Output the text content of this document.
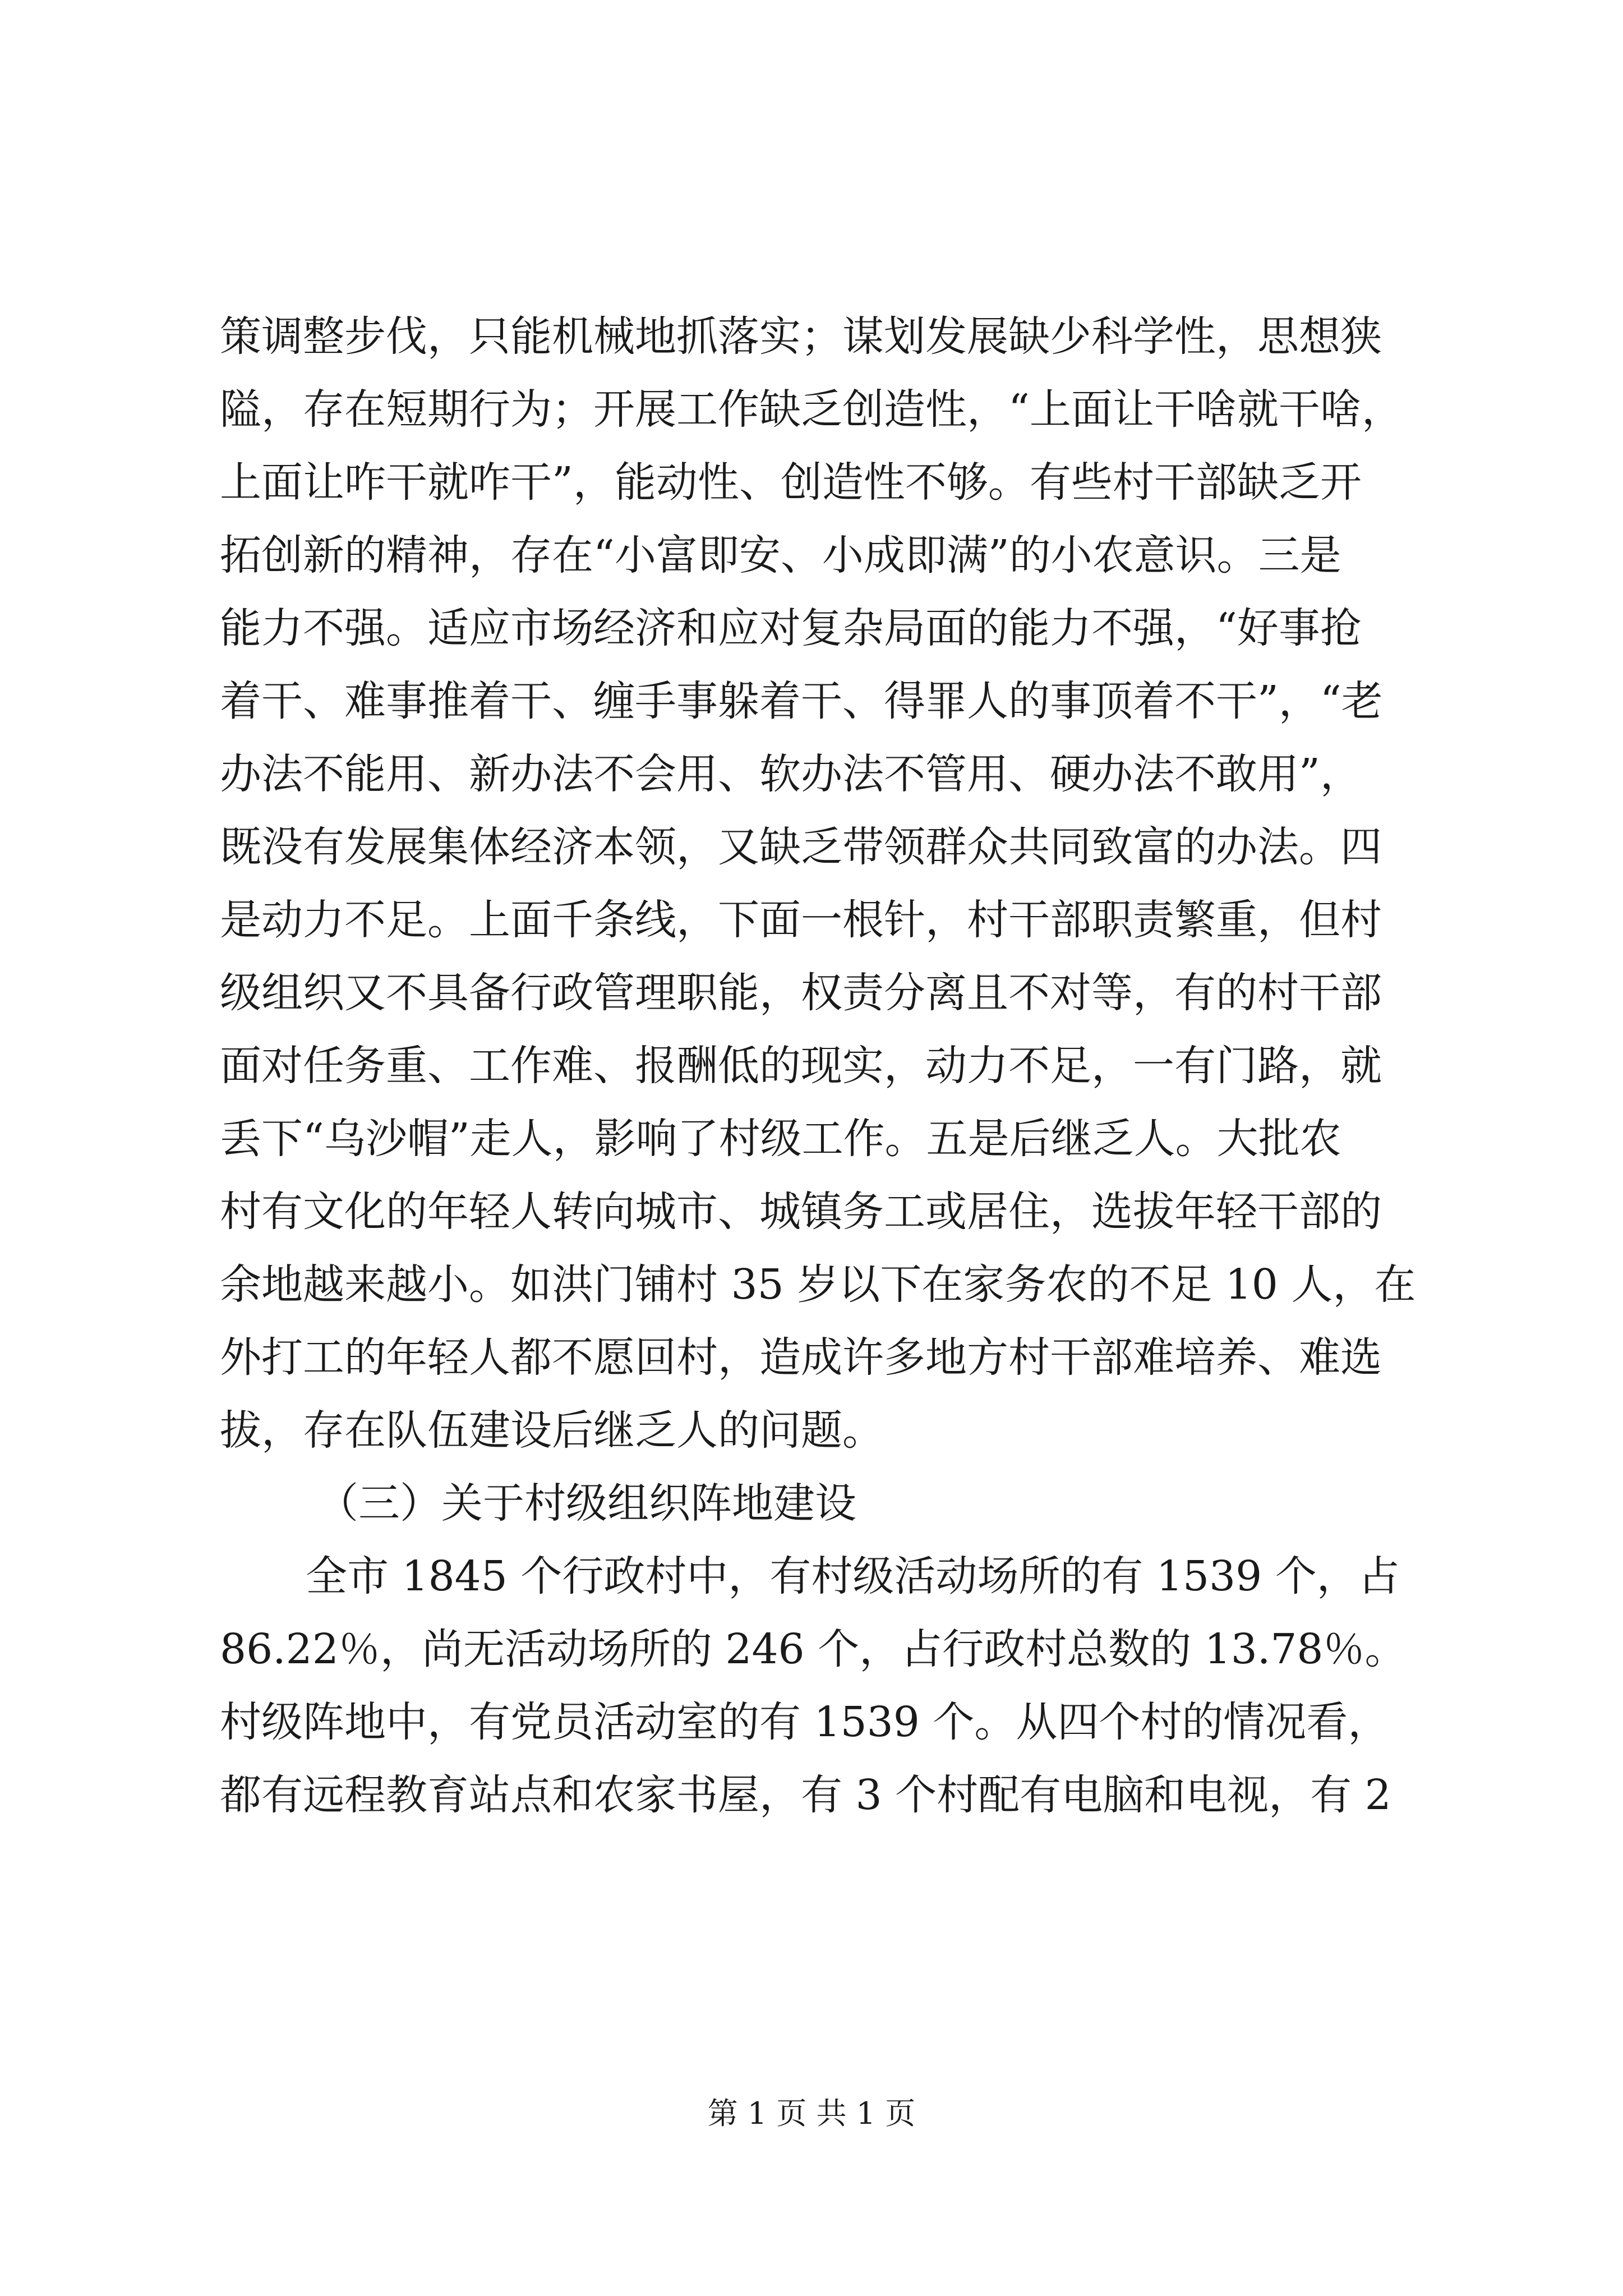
策调整步伐，只能机械地抓落实；谋划发展缺少科学性，思想狭
隘，存在短期行为；开展工作缺乏创造性，“上面让干啥就干啥，
上面让咋干就咋干”，能动性、创造性不够。有些村干部缺乏开
拓创新的精神，存在“小富即安、小成即满”的小农意识。三是
能力不强。适应市场经济和应对复杂局面的能力不强，“好事抢
着干、难事推着干、缠手事躲着干、得罪人的事顶着不干”，“老
办法不能用、新办法不会用、软办法不管用、硬办法不敢用”，
既没有发展集体经济本领，又缺乏带领群众共同致富的办法。四
是动力不足。上面千条线，下面一根针，村干部职责繁重，但村
级组织又不具备行政管理职能，权责分离且不对等，有的村干部
面对任务重、工作难、报酬低的现实，动力不足，一有门路，就
丢下“乌沙帽”走人，影响了村级工作。五是后继乏人。大批农
村有文化的年轻人转向城市、城镇务工或居住，选拔年轻干部的
余地越来越小。如洪门铺村 35 岁以下在家务农的不足 10 人，在
外打工的年轻人都不愿回村，造成许多地方村干部难培养、难选
拔，存在队伍建设后继乏人的问题。
（三）关于村级组织阵地建设
全市 1845 个行政村中，有村级活动场所的有 1539 个，占
86.22％，尚无活动场所的 246 个，占行政村总数的 13.78％。
村级阵地中，有党员活动室的有 1539 个。从四个村的情况看，
都有远程教育站点和农家书屋，有 3 个村配有电脑和电视，有 2
第 1 页 共 1 页
